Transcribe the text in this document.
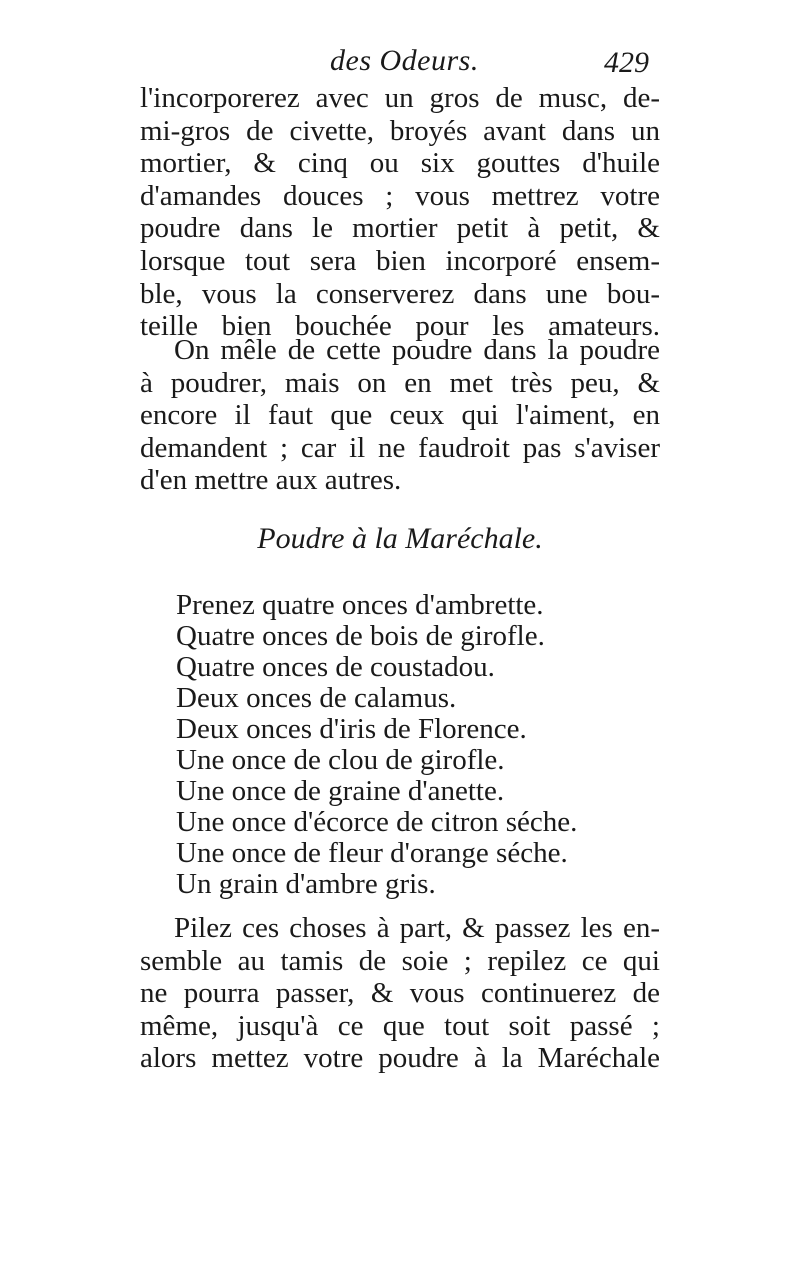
des Odeurs.	429
l'incorporerez avec un gros de musc, de-
mi-gros de civette, broyés avant dans un
mortier, & cinq ou six gouttes d'huile
d'amandes douces ; vous mettrez votre
poudre dans le mortier petit à petit, &
lorsque tout sera bien incorporé ensem-
ble, vous la conserverez dans une bou-
teille bien bouchée pour les amateurs.
On mêle de cette poudre dans la poudre
à poudrer, mais on en met très peu, &
encore il faut que ceux qui l'aiment, en
demandent ; car il ne faudroit pas s'aviser
d'en mettre aux autres.
Poudre à la Maréchale.
Prenez quatre onces d'ambrette.
Quatre onces de bois de girofle.
Quatre onces de coustadou.
Deux onces de calamus.
Deux onces d'iris de Florence.
Une once de clou de girofle.
Une once de graine d'anette.
Une once d'écorce de citron séche.
Une once de fleur d'orange séche.
Un grain d'ambre gris.
Pilez ces choses à part, & passez les en-
semble au tamis de soie ; repilez ce qui
ne pourra passer, & vous continuerez de
même, jusqu'à ce que tout soit passé ;
alors mettez votre poudre à la Maréchale
